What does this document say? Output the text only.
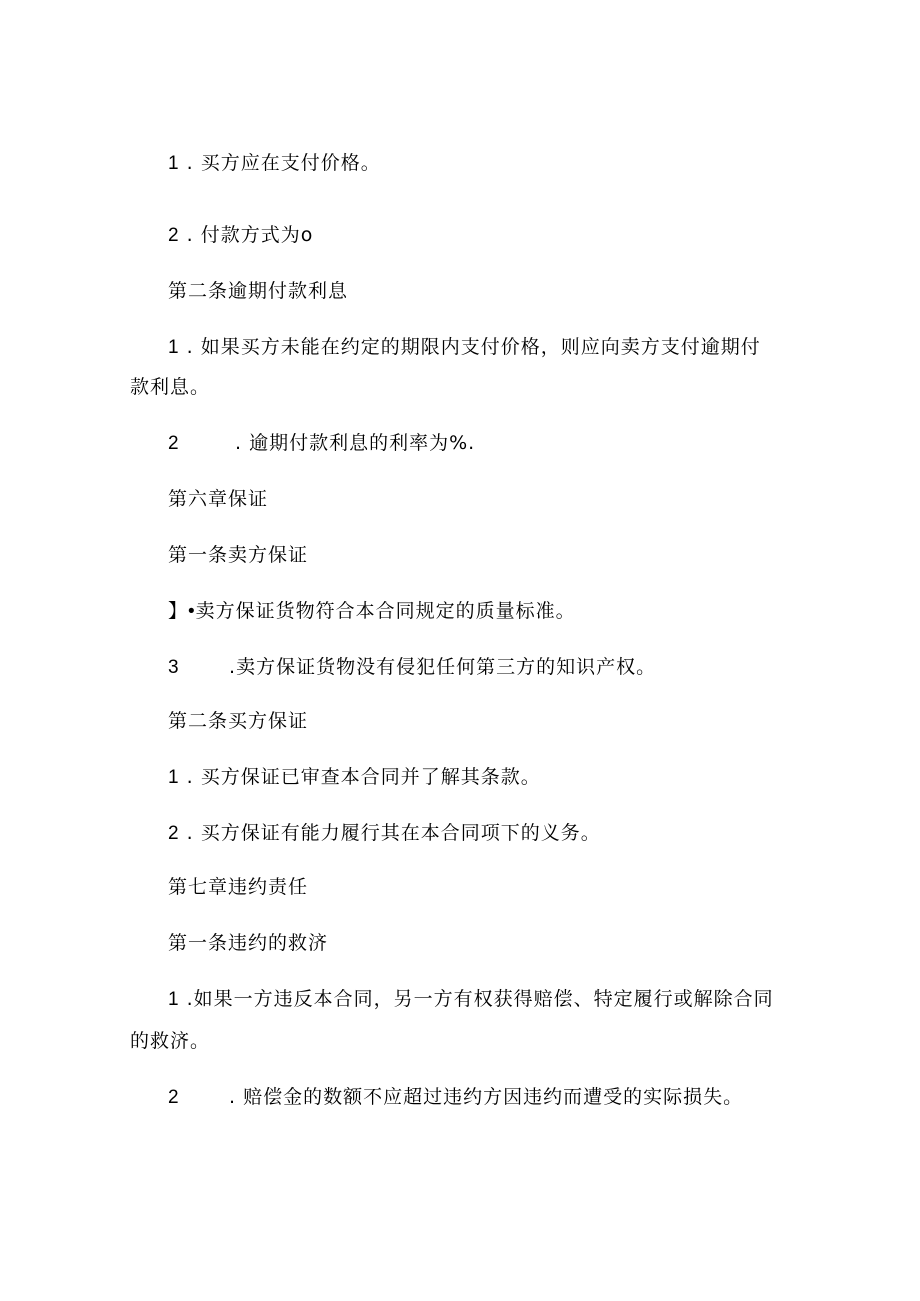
1 . 买方应在支付价格。
2 . 付款方式为o
第二条逾期付款利息
1 . 如果买方未能在约定的期限内支付价格，则应向卖方支付逾期付
款利息。
2	. 逾期付款利息的利率为%.
第六章保证
第一条卖方保证
】•卖方保证货物符合本合同规定的质量标准。
3	.卖方保证货物没有侵犯任何第三方的知识产权。
第二条买方保证
1 . 买方保证已审查本合同并了解其条款。
2 . 买方保证有能力履行其在本合同项下的义务。
第七章违约责任
第一条违约的救济
1 .如果一方违反本合同，另一方有权获得赔偿、特定履行或解除合同
的救济。
2	. 赔偿金的数额不应超过违约方因违约而遭受的实际损失。
